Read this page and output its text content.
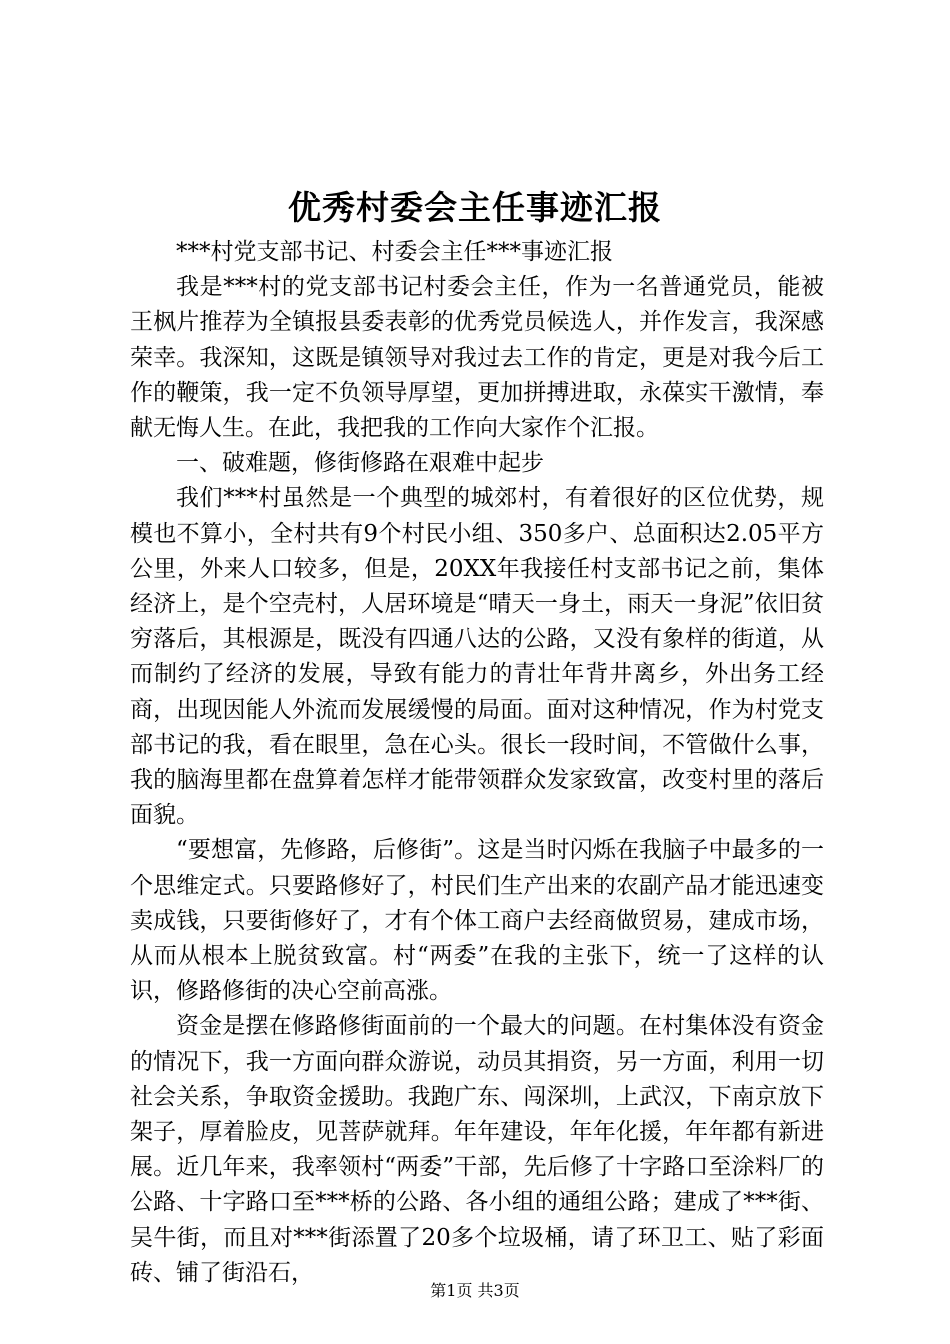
优秀村委会主任事迹汇报

***村党支部书记、村委会主任***事迹汇报

我是***村的党支部书记村委会主任，作为一名普通党员，能被王枫片推荐为全镇报县委表彰的优秀党员候选人，并作发言，我深感荣幸。我深知，这既是镇领导对我过去工作的肯定，更是对我今后工作的鞭策，我一定不负领导厚望，更加拼搏进取，永葆实干激情，奉献无悔人生。在此，我把我的工作向大家作个汇报。

一、破难题，修街修路在艰难中起步

我们***村虽然是一个典型的城郊村，有着很好的区位优势，规模也不算小，全村共有9个村民小组、350多户、总面积达2.05平方公里，外来人口较多，但是，20XX年我接任村支部书记之前，集体经济上，是个空壳村，人居环境是“晴天一身土，雨天一身泥”依旧贫穷落后，其根源是，既没有四通八达的公路，又没有象样的街道，从而制约了经济的发展，导致有能力的青壮年背井离乡，外出务工经商，出现因能人外流而发展缓慢的局面。面对这种情况，作为村党支部书记的我，看在眼里，急在心头。很长一段时间，不管做什么事，我的脑海里都在盘算着怎样才能带领群众发家致富，改变村里的落后面貌。

“要想富，先修路，后修街”。这是当时闪烁在我脑子中最多的一个思维定式。只要路修好了，村民们生产出来的农副产品才能迅速变卖成钱，只要街修好了，才有个体工商户去经商做贸易，建成市场，从而从根本上脱贫致富。村“两委”在我的主张下，统一了这样的认识，修路修街的决心空前高涨。

资金是摆在修路修街面前的一个最大的问题。在村集体没有资金的情况下，我一方面向群众游说，动员其捐资，另一方面，利用一切社会关系，争取资金援助。我跑广东、闯深圳，上武汉，下南京放下架子，厚着脸皮，见菩萨就拜。年年建设，年年化援，年年都有新进展。近几年来，我率领村“两委”干部，先后修了十字路口至涂料厂的公路、十字路口至***桥的公路、各小组的通组公路；建成了***街、吴牛街，而且对***街添置了20多个垃圾桶，请了环卫工、贴了彩面砖、铺了街沿石，

第1页 共3页
